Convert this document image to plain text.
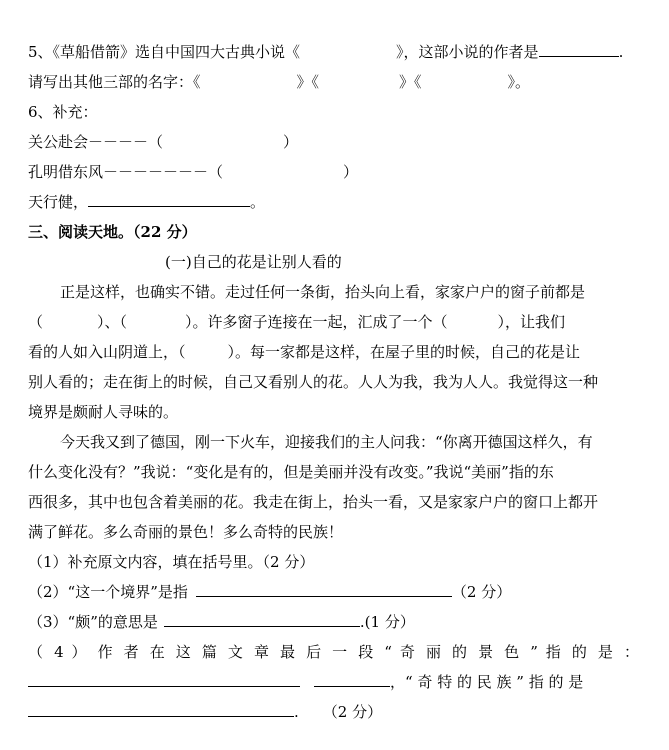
5、《草船借箭》选自中国四大古典小说《	》，这部小说的作者是	.
请写出其他三部的名字：《	》《	》《	》。
6、补充：
关公赴会－－－－（	）
孔明借东风－－－－－－－（	）
天行健，	。
三、阅读天地。（22 分）
(一)自己的花是让别人看的
正是这样，也确实不错。走过任何一条街，抬头向上看，家家户户的窗子前都是
（	）、（	）。许多窗子连接在一起，汇成了一个（	），让我们
看的人如入山阴道上，（	）。每一家都是这样，在屋子里的时候，自己的花是让
别人看的；走在街上的时候，自己又看别人的花。人人为我，我为人人。我觉得这一种
境界是颇耐人寻味的。
今天我又到了德国，刚一下火车，迎接我们的主人问我：“你离开德国这样久，有
什么变化没有？”我说：“变化是有的，但是美丽并没有改变。”我说“美丽”指的东
西很多，其中也包含着美丽的花。我走在街上，抬头一看，又是家家户户的窗口上都开
满了鲜花。多么奇丽的景色！多么奇特的民族！
（1）补充原文内容，填在括号里。（2 分）
（2）“这一个境界”是指	（2 分）
（3）“颇”的意思是	.(1 分）
（ 4 ） 作 者 在 这 篇 文 章 最 后 一 段 “ 奇 丽 的 景 色 ” 指 的 是 ：
，“ 奇 特 的 民 族 ” 指 的 是
. （2 分）
